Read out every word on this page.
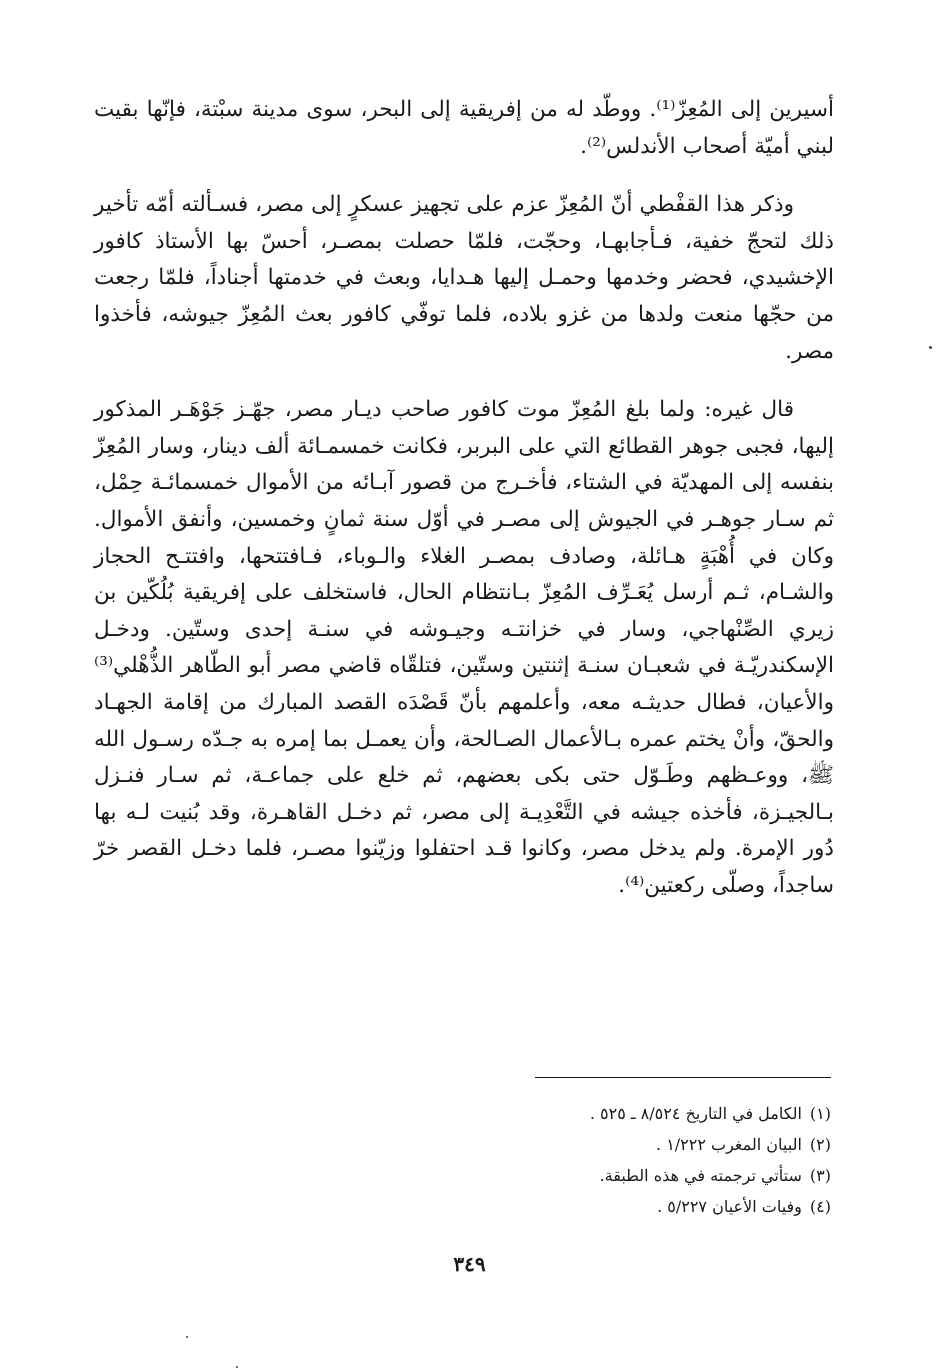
أسيرين إلى المُعِزّ⁽¹⁾. ووطّد له من إفريقية إلى البحر، سوى مدينة سبْتة، فإنّها بقيت لبني أميّة أصحاب الأندلس⁽²⁾.

وذكر هذا القفْطي أنّ المُعِزّ عزم على تجهيز عسكرٍ إلى مصر، فسـألته أمّه تأخير ذلك لتحجّ خفية، فـأجابهـا، وحجّت، فلمّا حصلت بمصـر، أحسّ بها الأستاذ كافور الإخشيدي، فحضر وخدمها وحمـل إليها هـدايا، وبعث في خدمتها أجناداً، فلمّا رجعت من حجّها منعت ولدها من غزو بلاده، فلما توفّي كافور بعث المُعِزّ جيوشه، فأخذوا مصر.

قال غيره: ولما بلغ المُعِزّ موت كافور صاحب ديـار مصر، جهّـز جَوْهَـر المذكور إليها، فجبى جوهر القطائع التي على البربر، فكانت خمسمـائة ألف دينار، وسار المُعِزّ بنفسه إلى المهديّة في الشتاء، فأخـرج من قصور آبـائه من الأموال خمسمائـة حِمْل، ثم سـار جوهـر في الجيوش إلى مصـر في أوّل سنة ثمانٍ وخمسين، وأنفق الأموال. وكان في أُهْبَةٍ هـائلة، وصادف بمصـر الغلاء والـوباء، فـافتتحها، وافتتـح الحجاز والشـام، ثـم أرسل يُعَـرِّف المُعِزّ بـانتظام الحال، فاستخلف على إفريقية بُلُكّين بن زيري الصِّنْهاجي، وسار في خزانتـه وجيـوشه في سنـة إحدى وستّين. ودخـل الإسكندريّـة في شعبـان سنـة إثنتين وستّين، فتلقّاه قاضي مصر أبو الطّاهر الذُّهْلي⁽³⁾ والأعيان، فطال حديثـه معه، وأعلمهم بأنّ قَصْدَه القصد المبارك من إقامة الجهـاد والحقّ، وأنْ يختم عمره بـالأعمال الصـالحة، وأن يعمـل بما إمره به جـدّه رسـول الله ﷺ، ووعـظهم وطَـوّل حتى بكى بعضهم، ثم خلع على جماعـة، ثم سـار فنـزل بـالجيـزة، فأخذه جيشه في التَّعْدِيـة إلى مصر، ثم دخـل القاهـرة، وقد بُنيت لـه بها دُور الإمرة. ولم يدخل مصر، وكانوا قـد احتفلوا وزيّنوا مصـر، فلما دخـل القصر خرّ ساجداً، وصلّى ركعتين⁽⁴⁾.

(١)الكامل في التاريخ ٨/٥٢٤ ـ ٥٢٥ .
(٢)البيان المغرب ١/٢٢٢ .
(٣)ستأتي ترجمته في هذه الطبقة.
(٤)وفيات الأعيان ٥/٢٢٧ .
٣٤٩
